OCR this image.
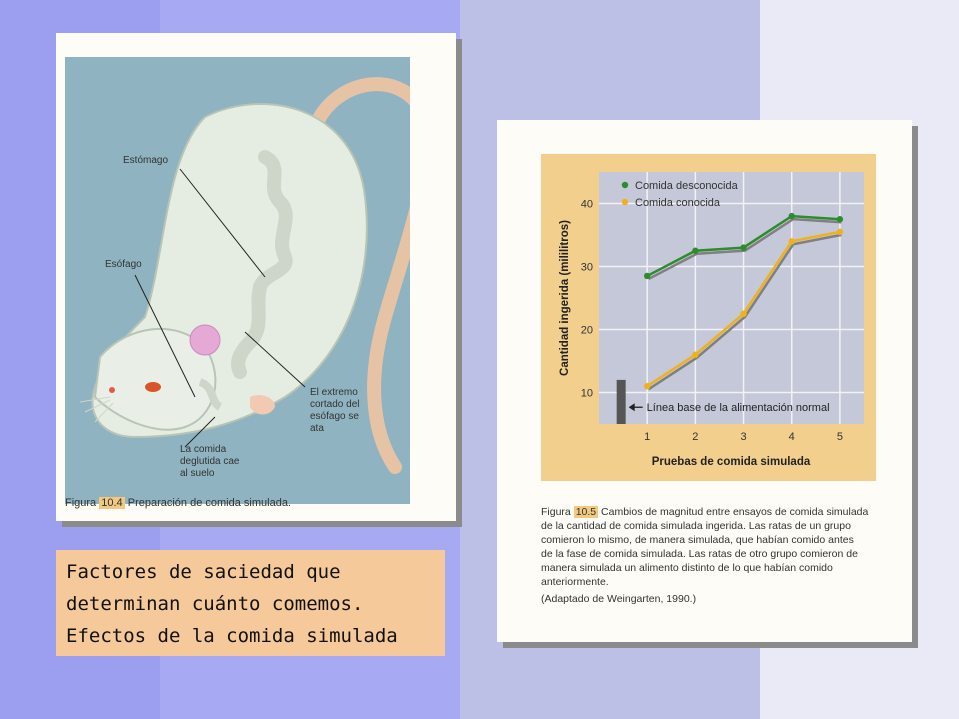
Estómago
Esófago
El extremo
cortado del
esófago se
ata
La comida
deglutida cae
al suelo
Figura 10.4 Preparación de comida simulada.
Línea base de la alimentación normal
10
20
30
40
1	2	3	4	5
Comida desconocida
Comida conocida
Pruebas de comida simulada
Cantidad ingerida (mililitros)
Figura 10.5 Cambios de magnitud entre ensayos de comida simulada
de la cantidad de comida simulada ingerida. Las ratas de un grupo
comieron lo mismo, de manera simulada, que habían comido antes
de la fase de comida simulada. Las ratas de otro grupo comieron de
manera simulada un alimento distinto de lo que habían comido
anteriormente.
(Adaptado de Weingarten, 1990.)
Factores de saciedad que
determinan cuánto comemos.
Efectos de la comida simulada
